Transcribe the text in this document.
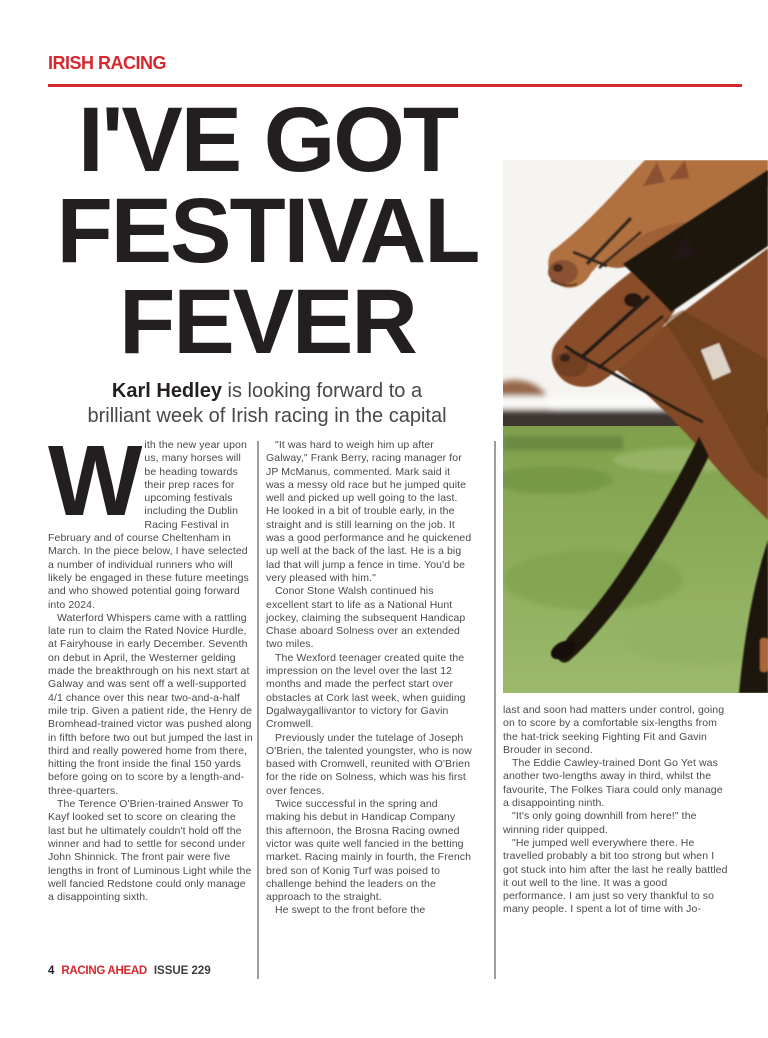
IRISH RACING
I'VE GOT
FESTIVAL
FEVER
Karl Hedley is looking forward to a
brilliant week of Irish racing in the capital

With the new year upon us, many horses will be heading towards their prep races for upcoming festivals including the Dublin Racing Festival in February and of course Cheltenham in March. In the piece below, I have selected a number of individual runners who will likely be engaged in these future meetings and who showed potential going forward into 2024.

Waterford Whispers came with a rattling late run to claim the Rated Novice Hurdle, at Fairyhouse in early December. Seventh on debut in April, the Westerner gelding made the breakthrough on his next start at Galway and was sent off a well-supported 4/1 chance over this near two-and-a-half mile trip. Given a patient ride, the Henry de Bromhead-trained victor was pushed along in fifth before two out but jumped the last in third and really powered home from there, hitting the front inside the final 150 yards before going on to score by a length-and-three-quarters.

The Terence O'Brien-trained Answer To Kayf looked set to score on clearing the last but he ultimately couldn't hold off the winner and had to settle for second under John Shinnick. The front pair were five lengths in front of Luminous Light while the well fancied Redstone could only manage a disappointing sixth.

"It was hard to weigh him up after Galway," Frank Berry, racing manager for JP McManus, commented. Mark said it was a messy old race but he jumped quite well and picked up well going to the last. He looked in a bit of trouble early, in the straight and is still learning on the job. It was a good performance and he quickened up well at the back of the last. He is a big lad that will jump a fence in time. You'd be very pleased with him."

Conor Stone Walsh continued his excellent start to life as a National Hunt jockey, claiming the subsequent Handicap Chase aboard Solness over an extended two miles.

The Wexford teenager created quite the impression on the level over the last 12 months and made the perfect start over obstacles at Cork last week, when guiding Dgalwaygallivantor to victory for Gavin Cromwell.

Previously under the tutelage of Joseph O'Brien, the talented youngster, who is now based with Cromwell, reunited with O'Brien for the ride on Solness, which was his first over fences.

Twice successful in the spring and making his debut in Handicap Company this afternoon, the Brosna Racing owned victor was quite well fancied in the betting market. Racing mainly in fourth, the French bred son of Konig Turf was poised to challenge behind the leaders on the approach to the straight.

He swept to the front before the

last and soon had matters under control, going on to score by a comfortable six-lengths from the hat-trick seeking Fighting Fit and Gavin Brouder in second.

The Eddie Cawley-trained Dont Go Yet was another two-lengths away in third, whilst the favourite, The Folkes Tiara could only manage a disappointing ninth.

"It's only going downhill from here!" the winning rider quipped.

"He jumped well everywhere there. He travelled probably a bit too strong but when I got stuck into him after the last he really battled it out well to the line. It was a good performance. I am just so very thankful to so many people. I spent a lot of time with Jo-

4 RACING AHEAD ISSUE 229
